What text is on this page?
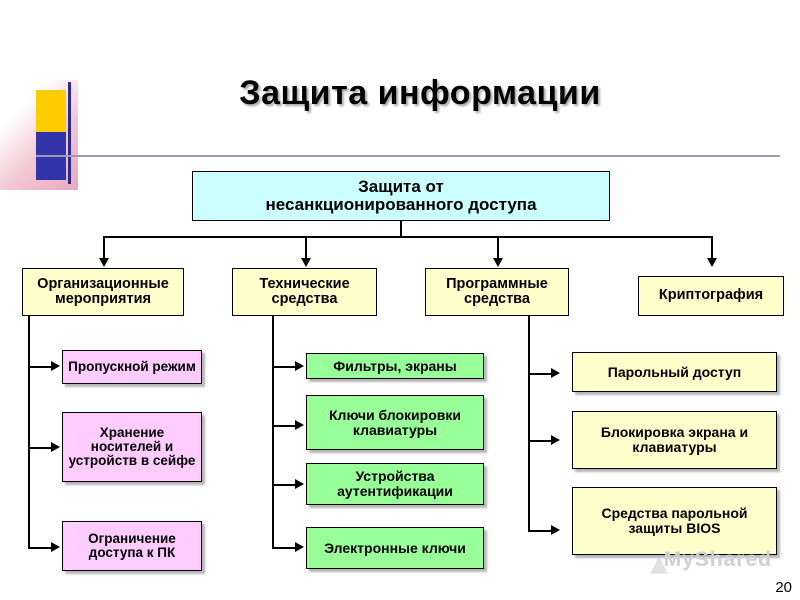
Защита информации
Защита от
несанкционированного доступа
Организационные мероприятия
Технические средства
Программные средства	Криптография
Пропускной режим
Хранение носителей и устройств в сейфе
Ограничение доступа к ПК
Фильтры, экраны
Ключи блокировки клавиатуры
Устройства аутентификации
Электронные ключи
Парольный доступ
Блокировка экрана и клавиатуры
Средства парольной защиты BIOS
MyShared
20
